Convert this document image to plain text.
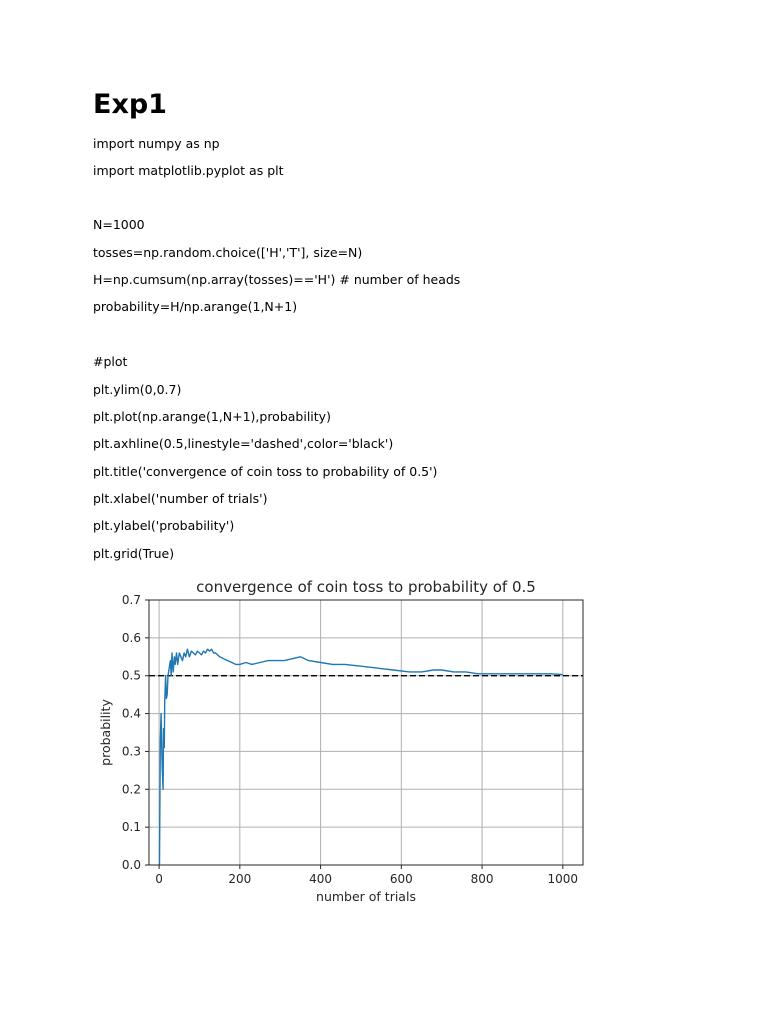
Exp1
import numpy as np
import matplotlib.pyplot as plt
N=1000
tosses=np.random.choice(['H','T'], size=N)
H=np.cumsum(np.array(tosses)=='H') # number of heads
probability=H/np.arange(1,N+1)
#plot
plt.ylim(0,0.7)
plt.plot(np.arange(1,N+1),probability)
plt.axhline(0.5,linestyle='dashed',color='black')
plt.title('convergence of coin toss to probability of 0.5')
plt.xlabel('number of trials')
plt.ylabel('probability')
plt.grid(True)
0	200	400	600	800	1000
0.0
0.1
0.2
0.3
0.4
0.5
0.6
0.7
convergence of coin toss to probability of 0.5
number of trials
probability
